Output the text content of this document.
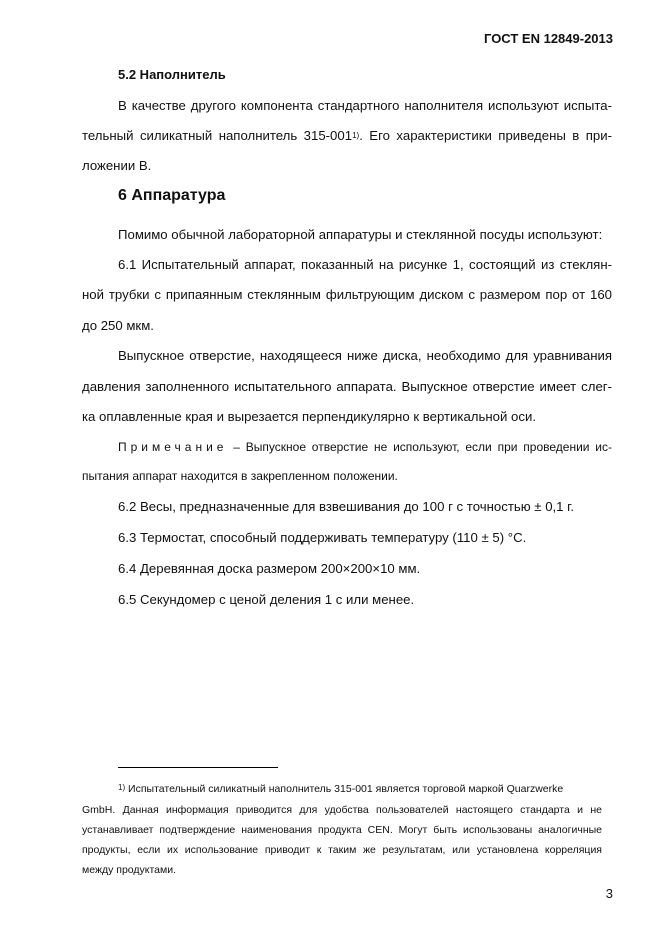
ГОСТ EN 12849-2013
5.2 Наполнитель
В качестве другого компонента стандартного наполнителя используют испыта-
тельный силикатный наполнитель 315-001$^{1)}$. Его характеристики приведены в при-
ложении В.
6 Аппаратура
Помимо обычной лабораторной аппаратуры и стеклянной посуды используют:
6.1 Испытательный аппарат, показанный на рисунке 1, состоящий из стеклян-
ной трубки с припаянным стеклянным фильтрующим диском с размером пор от 160
до 250 мкм.
Выпускное отверстие, находящееся ниже диска, необходимо для уравнивания
давления заполненного испытательного аппарата. Выпускное отверстие имеет слег-
ка оплавленные края и вырезается перпендикулярно к вертикальной оси.
Примечание – Выпускное отверстие не используют, если при проведении ис-
пытания аппарат находится в закрепленном положении.
6.2 Весы, предназначенные для взвешивания до 100 г с точностью ± 0,1 г.
6.3 Термостат, способный поддерживать температуру (110 ± 5) °С.
6.4 Деревянная доска размером 200×200×10 мм.
6.5 Секундомер с ценой деления 1 с или менее.
$^{1)}$ Испытательный силикатный наполнитель 315-001 является торговой маркой Quarzwerke
GmbH. Данная информация приводится для удобства пользователей настоящего стандарта и не
устанавливает подтверждение наименования продукта CEN. Могут быть использованы аналогичные
продукты, если их использование приводит к таким же результатам, или установлена корреляция
между продуктами.
3
